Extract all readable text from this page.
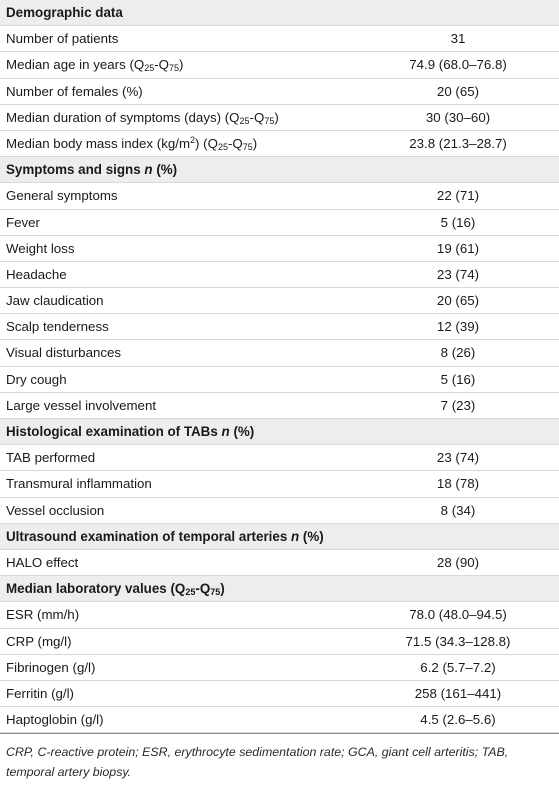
Demographic data
Number of patients	31
Median age in years $(Q_{25}-Q_{75})$	74.9 (68.0–76.8)
Number of females (%)	20 (65)
Median duration of symptoms (days) $(Q_{25}-Q_{75})$	30 (30–60)
Median body mass index $(kg/m^2)$ $(Q_{25}-Q_{75})$	23.8 (21.3–28.7)
Symptoms and signs n (%)
General symptoms	22 (71)
Fever	5 (16)
Weight loss	19 (61)
Headache	23 (74)
Jaw claudication	20 (65)
Scalp tenderness	12 (39)
Visual disturbances	8 (26)
Dry cough	5 (16)
Large vessel involvement	7 (23)
Histological examination of TABs n (%)
TAB performed	23 (74)
Transmural inflammation	18 (78)
Vessel occlusion	8 (34)
Ultrasound examination of temporal arteries n (%)
HALO effect	28 (90)
Median laboratory values $(Q_{25}-Q_{75})$
ESR (mm/h)	78.0 (48.0–94.5)
CRP (mg/l)	71.5 (34.3–128.8)
Fibrinogen (g/l)	6.2 (5.7–7.2)
Ferritin (g/l)	258 (161–441)
Haptoglobin (g/l)	4.5 (2.6–5.6)
CRP, C-reactive protein; ESR, erythrocyte sedimentation rate; GCA, giant cell arteritis; TAB, temporal artery biopsy.
